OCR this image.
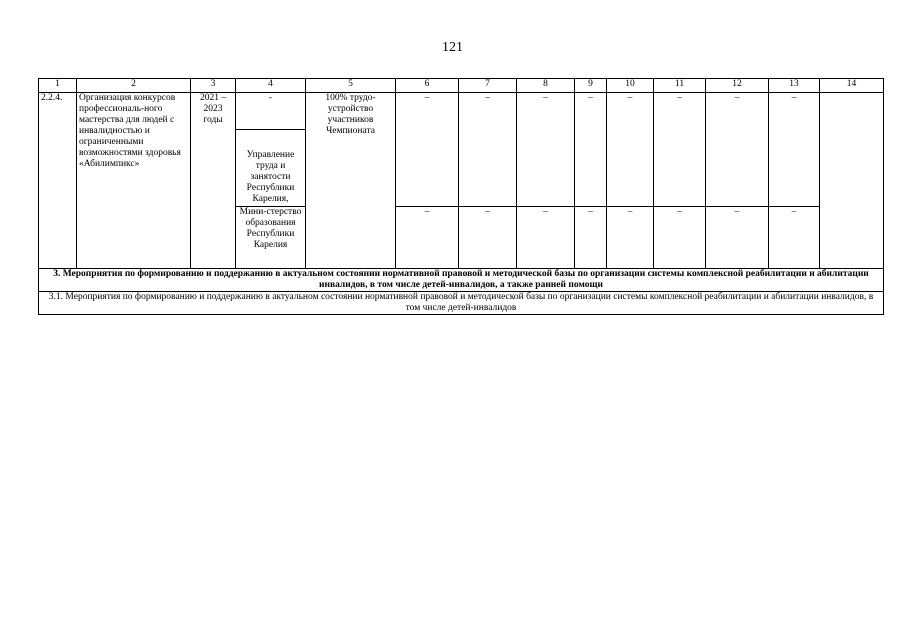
121
1	2	3	4	5	6	7	8	9	10	11	12	13	14
2.2.4.	Организация конкурсов профессиональ-ного мастерства для людей с инвалидностью и ограниченными возможностями здоровья «Абилимпикс»	2021 – 2023 годы	-	100% трудо-устройство участников Чемпионата	–	–	–	–	–	–	–	–	
			Управление труда и занятости Республики Карелия,										
			Мини-стерство образования Республики Карелия		–	–	–	–	–	–	–	–	
3. Мероприятия по формированию и поддержанию в актуальном состоянии нормативной правовой и методической базы по организации системы комплексной реабилитации и абилитации инвалидов, в том числе детей-инвалидов, а также ранней помощи													
3.1. Мероприятия по формированию и поддержанию в актуальном состоянии нормативной правовой и методической базы по организации системы комплексной реабилитации и абилитации инвалидов, в том числе детей-инвалидов													
